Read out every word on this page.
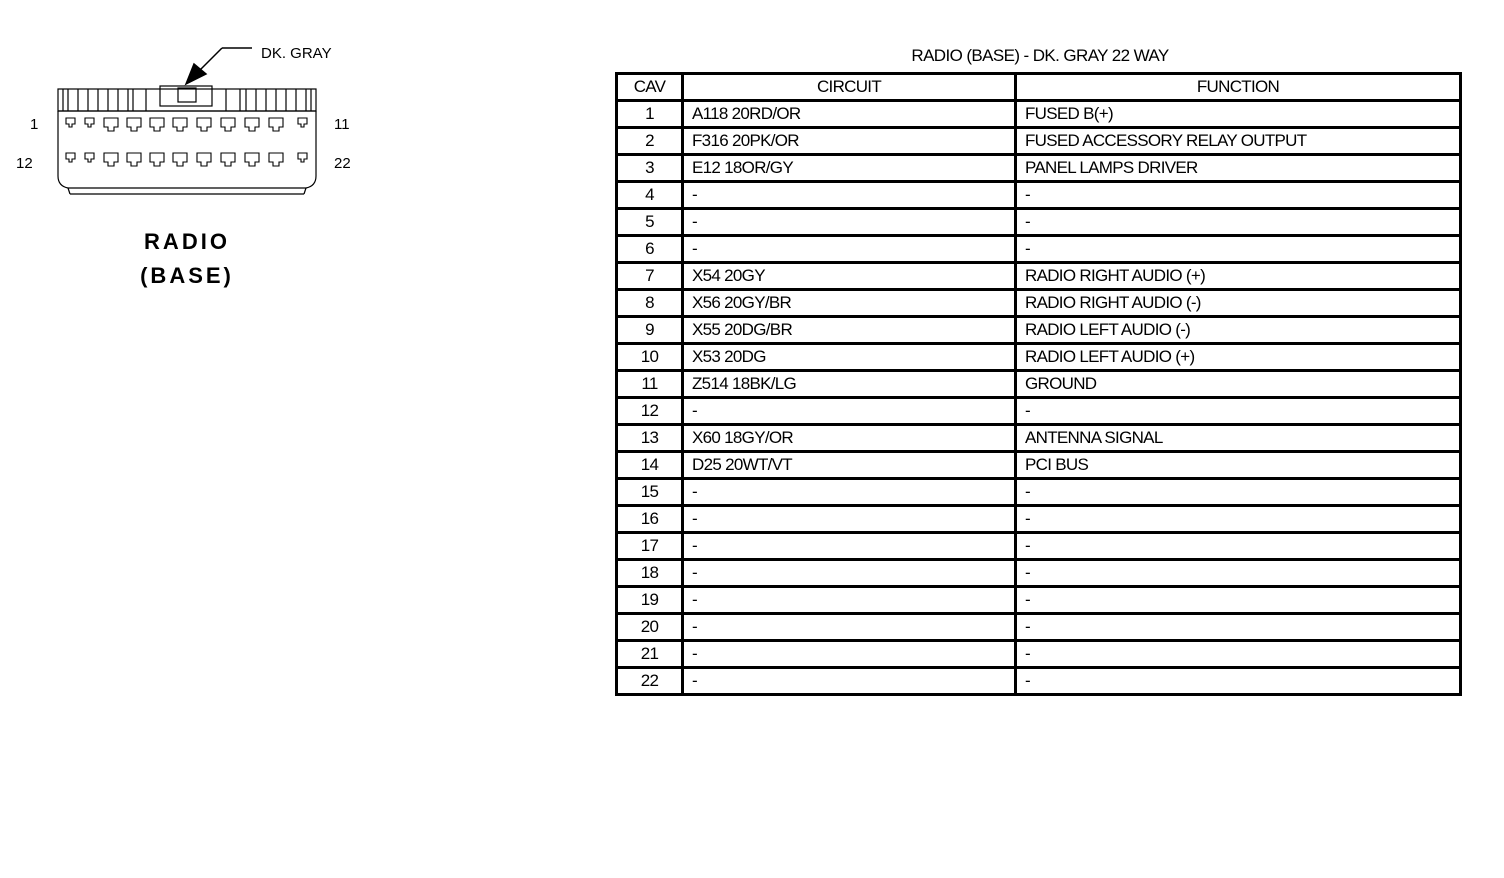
DK. GRAY
1	11
12	22
RADIO
(BASE)
RADIO (BASE) - DK. GRAY 22 WAY
CAV	CIRCUIT	FUNCTION
1	A118 20RD/OR	FUSED B(+)
2	F316 20PK/OR	FUSED ACCESSORY RELAY OUTPUT
3	E12 18OR/GY	PANEL LAMPS DRIVER
4	-	-
5	-	-
6	-	-
7	X54 20GY	RADIO RIGHT AUDIO (+)
8	X56 20GY/BR	RADIO RIGHT AUDIO (-)
9	X55 20DG/BR	RADIO LEFT AUDIO (-)
10	X53 20DG	RADIO LEFT AUDIO (+)
11	Z514 18BK/LG	GROUND
12	-	-
13	X60 18GY/OR	ANTENNA SIGNAL
14	D25 20WT/VT	PCI BUS
15	-	-
16	-	-
17	-	-
18	-	-
19	-	-
20	-	-
21	-	-
22	-	-
